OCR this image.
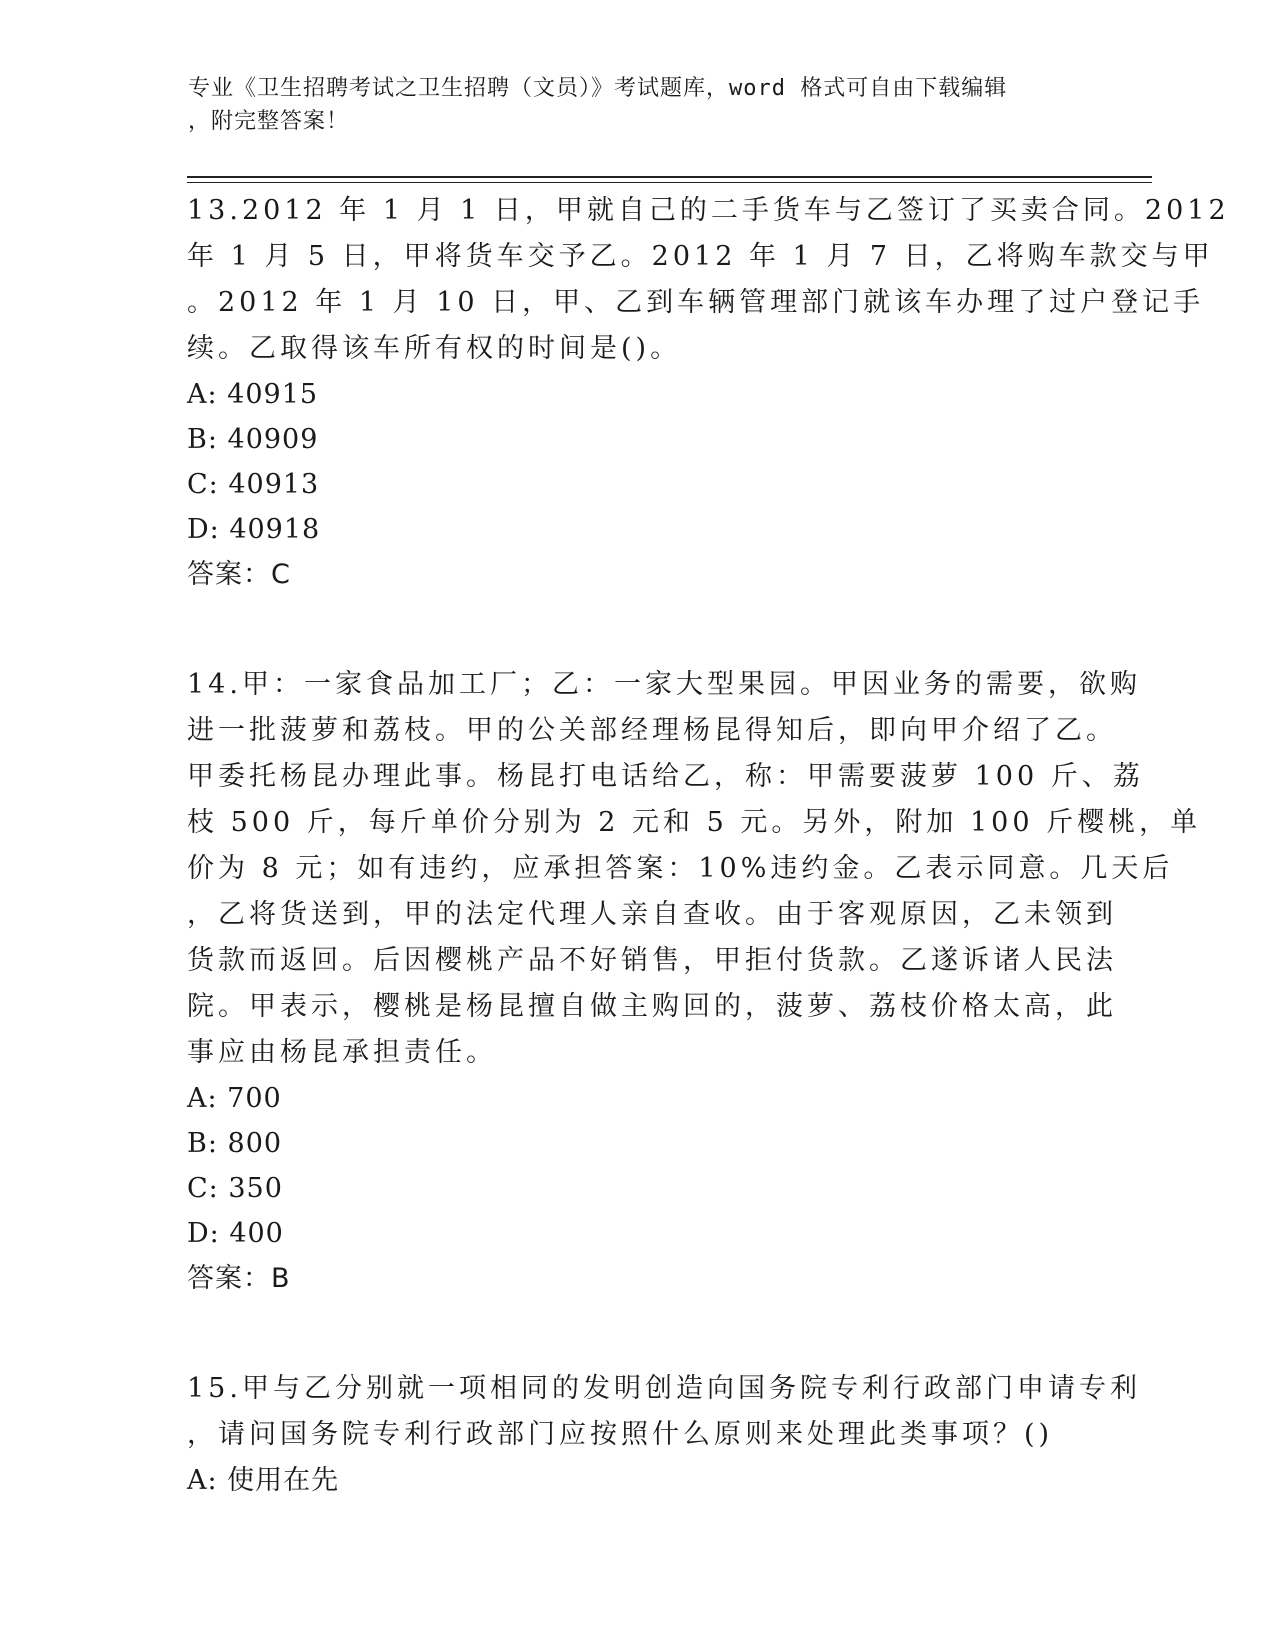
专业《卫生招聘考试之卫生招聘（文员）》考试题库，word 格式可自由下载编辑
，附完整答案！
13.2012 年 1 月 1 日，甲就自己的二手货车与乙签订了买卖合同。2012
年 1 月 5 日，甲将货车交予乙。2012 年 1 月 7 日，乙将购车款交与甲
。2012 年 1 月 10 日，甲、乙到车辆管理部门就该车办理了过户登记手
续。乙取得该车所有权的时间是()。
A: 40915
B: 40909
C: 40913
D: 40918
答案：C
14.甲：一家食品加工厂；乙：一家大型果园。甲因业务的需要，欲购
进一批菠萝和荔枝。甲的公关部经理杨昆得知后，即向甲介绍了乙。
甲委托杨昆办理此事。杨昆打电话给乙，称：甲需要菠萝 100 斤、荔
枝 500 斤，每斤单价分别为 2 元和 5 元。另外，附加 100 斤樱桃，单
价为 8 元；如有违约，应承担答案：10%违约金。乙表示同意。几天后
，乙将货送到，甲的法定代理人亲自查收。由于客观原因，乙未领到
货款而返回。后因樱桃产品不好销售，甲拒付货款。乙遂诉诸人民法
院。甲表示，樱桃是杨昆擅自做主购回的，菠萝、荔枝价格太高，此
事应由杨昆承担责任。
A: 700
B: 800
C: 350
D: 400
答案：B
15.甲与乙分别就一项相同的发明创造向国务院专利行政部门申请专利
，请问国务院专利行政部门应按照什么原则来处理此类事项？()
A: 使用在先
